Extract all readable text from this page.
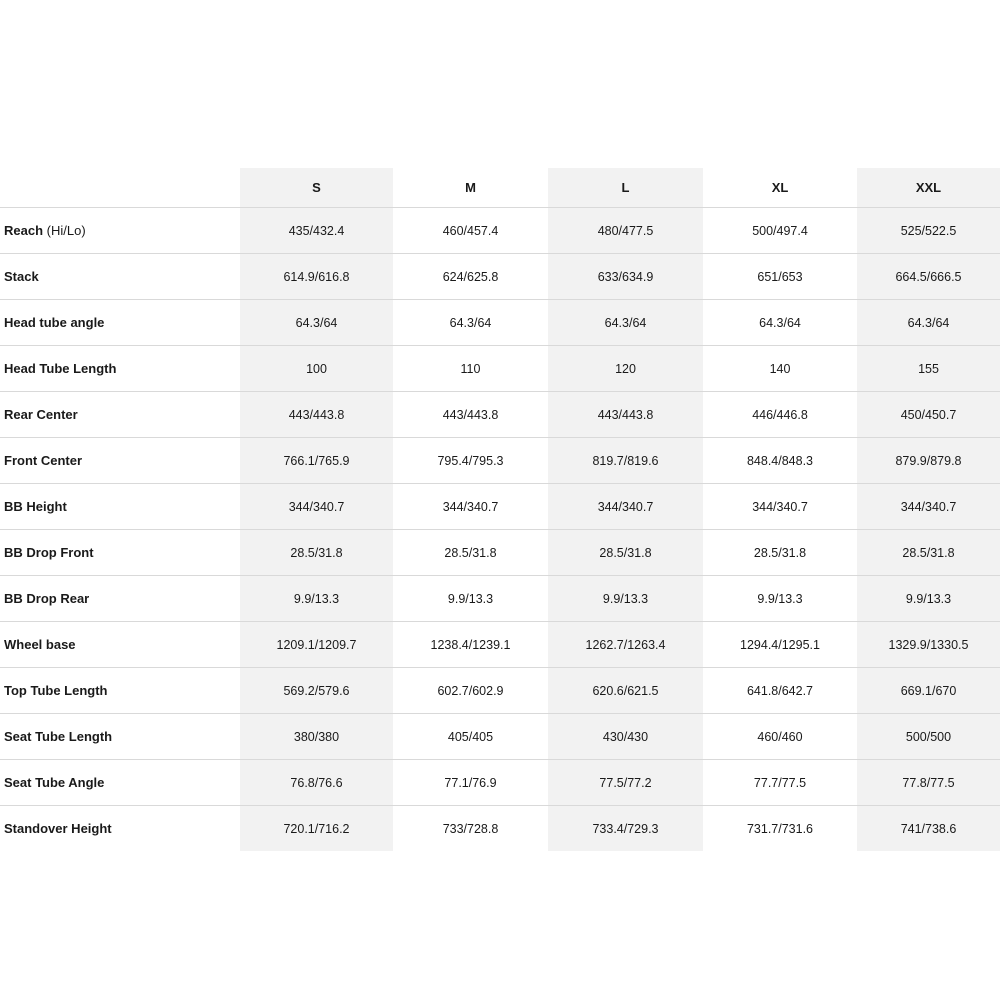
	S	M	L	XL	XXL
Reach (Hi/Lo)	435/432.4	460/457.4	480/477.5	500/497.4	525/522.5
Stack	614.9/616.8	624/625.8	633/634.9	651/653	664.5/666.5
Head tube angle	64.3/64	64.3/64	64.3/64	64.3/64	64.3/64
Head Tube Length	100	110	120	140	155
Rear Center	443/443.8	443/443.8	443/443.8	446/446.8	450/450.7
Front Center	766.1/765.9	795.4/795.3	819.7/819.6	848.4/848.3	879.9/879.8
BB Height	344/340.7	344/340.7	344/340.7	344/340.7	344/340.7
BB Drop Front	28.5/31.8	28.5/31.8	28.5/31.8	28.5/31.8	28.5/31.8
BB Drop Rear	9.9/13.3	9.9/13.3	9.9/13.3	9.9/13.3	9.9/13.3
Wheel base	1209.1/1209.7	1238.4/1239.1	1262.7/1263.4	1294.4/1295.1	1329.9/1330.5
Top Tube Length	569.2/579.6	602.7/602.9	620.6/621.5	641.8/642.7	669.1/670
Seat Tube Length	380/380	405/405	430/430	460/460	500/500
Seat Tube Angle	76.8/76.6	77.1/76.9	77.5/77.2	77.7/77.5	77.8/77.5
Standover Height	720.1/716.2	733/728.8	733.4/729.3	731.7/731.6	741/738.6
